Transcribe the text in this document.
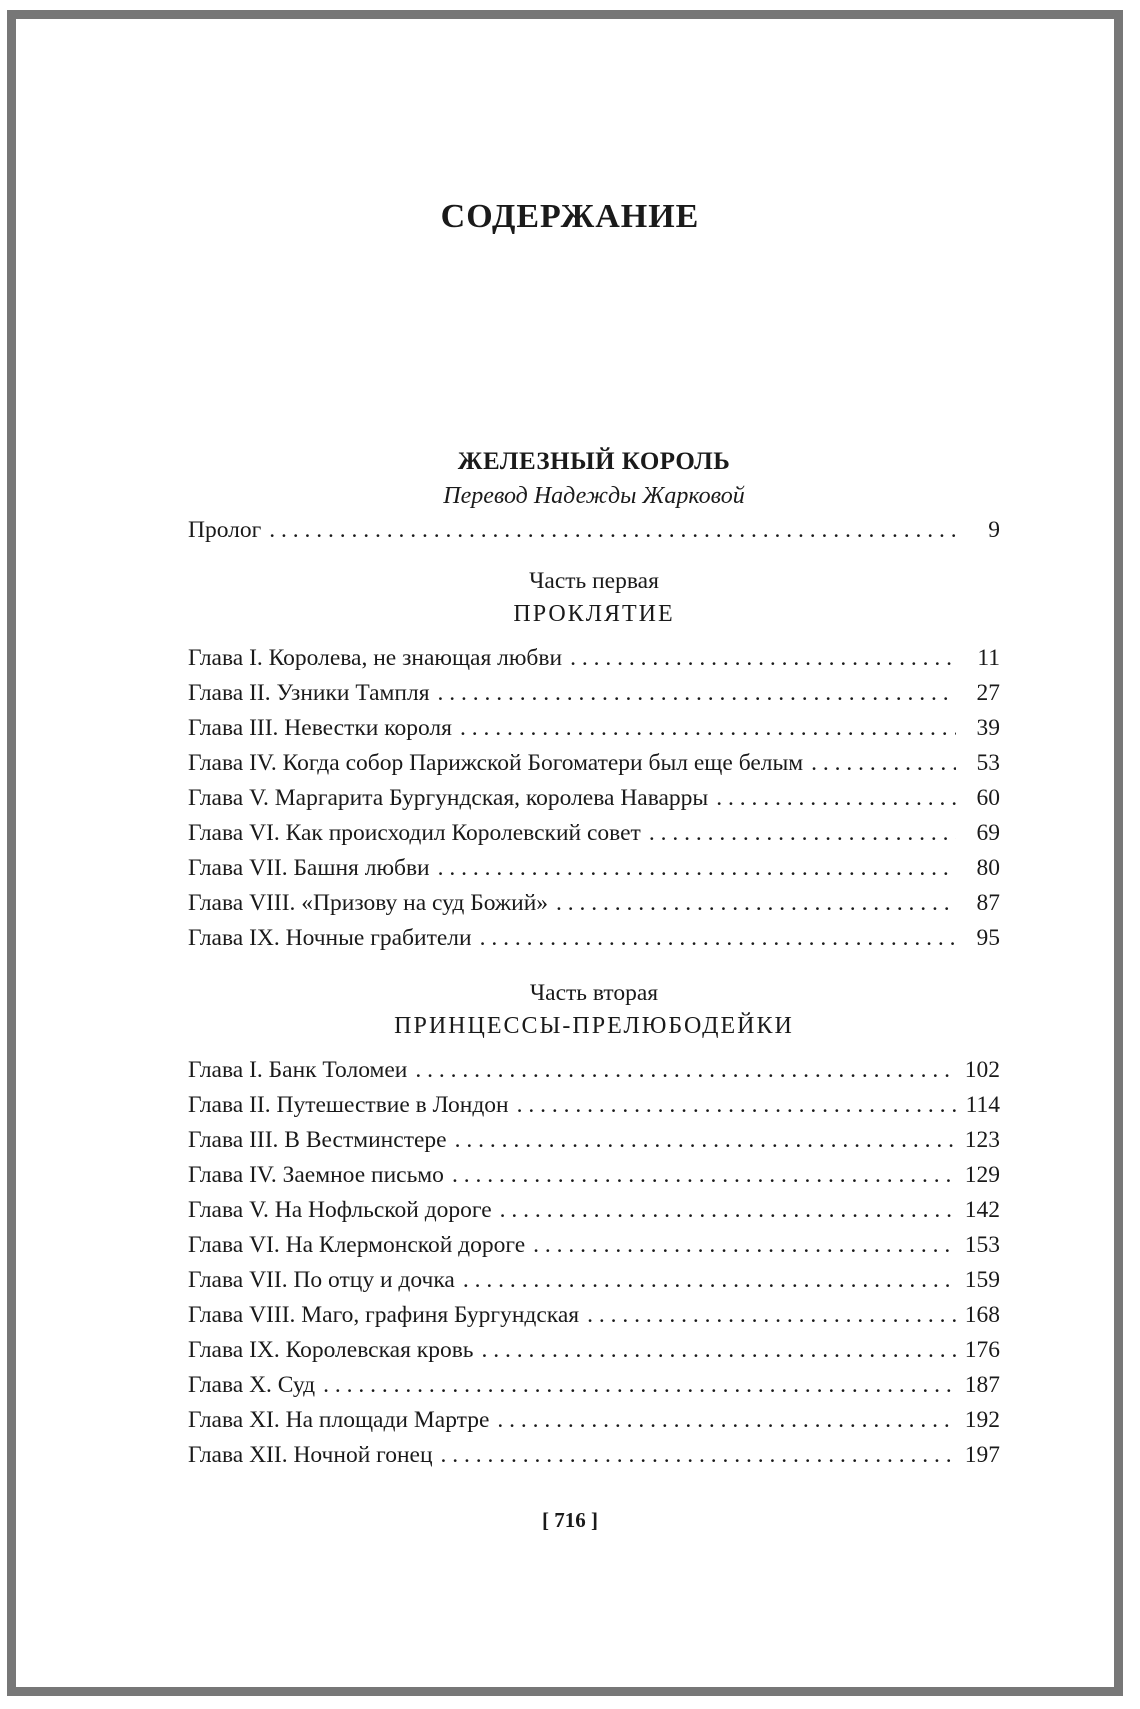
СОДЕРЖАНИЕ
ЖЕЛЕЗНЫЙ КОРОЛЬ
Перевод Надежды Жарковой
Пролог . . .	9
Часть первая
ПРОКЛЯТИЕ
Глава I. Королева, не знающая любви . . .	11
Глава II. Узники Тампля . . .	27
Глава III. Невестки короля . . .	39
Глава IV. Когда собор Парижской Богоматери был еще белым . . .	53
Глава V. Маргарита Бургундская, королева Наварры . . .	60
Глава VI. Как происходил Королевский совет . . .	69
Глава VII. Башня любви . . .	80
Глава VIII. «Призову на суд Божий» . . .	87
Глава IX. Ночные грабители . . .	95
Часть вторая
ПРИНЦЕССЫ-ПРЕЛЮБОДЕЙКИ
Глава I. Банк Толомеи . . .	102
Глава II. Путешествие в Лондон . . .	114
Глава III. В Вестминстере . . .	123
Глава IV. Заемное письмо . . .	129
Глава V. На Нофльской дороге . . .	142
Глава VI. На Клермонской дороге . . .	153
Глава VII. По отцу и дочка . . .	159
Глава VIII. Маго, графиня Бургундская . . .	168
Глава IX. Королевская кровь . . .	176
Глава X. Суд . . .	187
Глава XI. На площади Мартре . . .	192
Глава XII. Ночной гонец . . .	197
[ 716 ]
